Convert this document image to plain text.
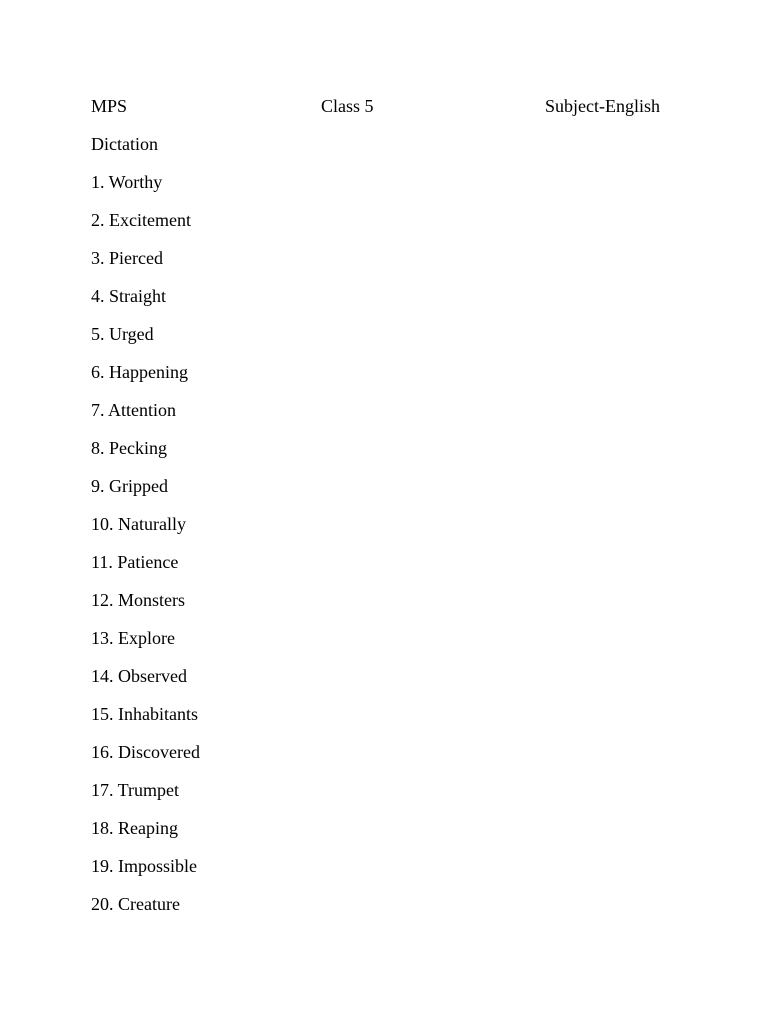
MPS	Class 5	Subject-English
Dictation
1. Worthy
2. Excitement
3. Pierced
4. Straight
5. Urged
6. Happening
7. Attention
8. Pecking
9. Gripped
10. Naturally
11. Patience
12. Monsters
13. Explore
14. Observed
15. Inhabitants
16. Discovered
17. Trumpet
18. Reaping
19. Impossible
20. Creature
